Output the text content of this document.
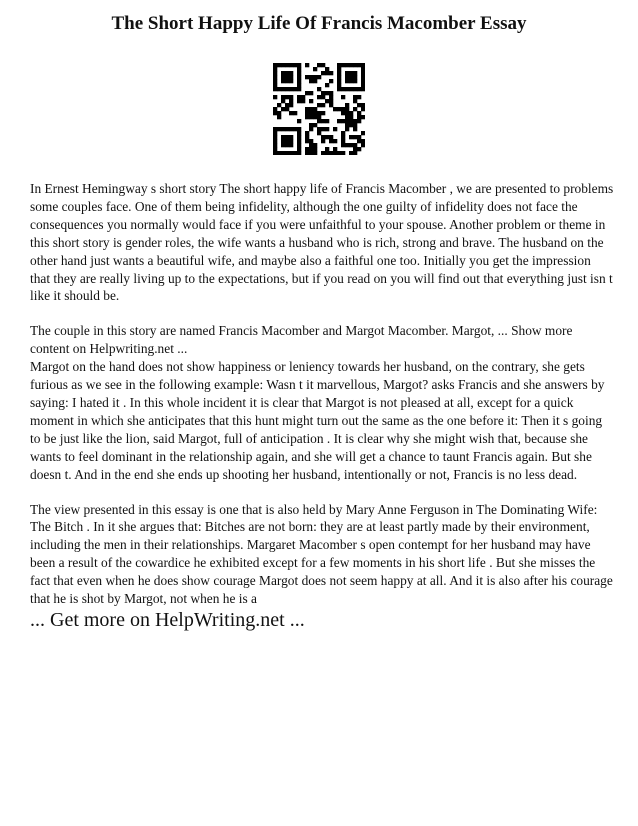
The Short Happy Life Of Francis Macomber Essay

In Ernest Hemingway s short story The short happy life of Francis Macomber , we are presented to problems some couples face. One of them being infidelity, although the one guilty of infidelity does not face the consequences you normally would face if you were unfaithful to your spouse. Another problem or theme in this short story is gender roles, the wife wants a husband who is rich, strong and brave. The husband on the other hand just wants a beautiful wife, and maybe also a faithful one too. Initially you get the impression that they are really living up to the expectations, but if you read on you will find out that everything just isn t like it should be.

The couple in this story are named Francis Macomber and Margot Macomber. Margot, ... Show more content on Helpwriting.net ...

Margot on the hand does not show happiness or leniency towards her husband, on the contrary, she gets furious as we see in the following example: Wasn t it marvellous, Margot? asks Francis and she answers by saying: I hated it . In this whole incident it is clear that Margot is not pleased at all, except for a quick moment in which she anticipates that this hunt might turn out the same as the one before it: Then it s going to be just like the lion, said Margot, full of anticipation . It is clear why she might wish that, because she wants to feel dominant in the relationship again, and she will get a chance to taunt Francis again. But she doesn t. And in the end she ends up shooting her husband, intentionally or not, Francis is no less dead.

The view presented in this essay is one that is also held by Mary Anne Ferguson in The Dominating Wife: The Bitch . In it she argues that: Bitches are not born: they are at least partly made by their environment, including the men in their relationships. Margaret Macomber s open contempt for her husband may have been a result of the cowardice he exhibited except for a few moments in his short life . But she misses the fact that even when he does show courage Margot does not seem happy at all. And it is also after his courage that he is shot by Margot, not when he is a

... Get more on HelpWriting.net ...
